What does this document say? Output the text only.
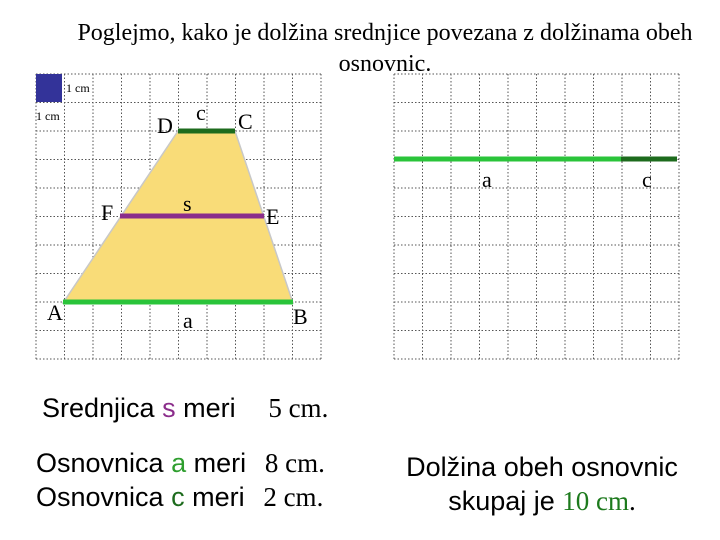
Poglejmo, kako je dolžina srednjice povezana z dolžinama obeh osnovnic.
1 cm
1 cm	D	C
c
F	E
s
A	B
a
a	c
Srednjica s meri 5 cm.
Osnovnica a meri 8 cm.
Osnovnica c meri 2 cm.
Dolžina obeh osnovnic
skupaj je 10 cm.
